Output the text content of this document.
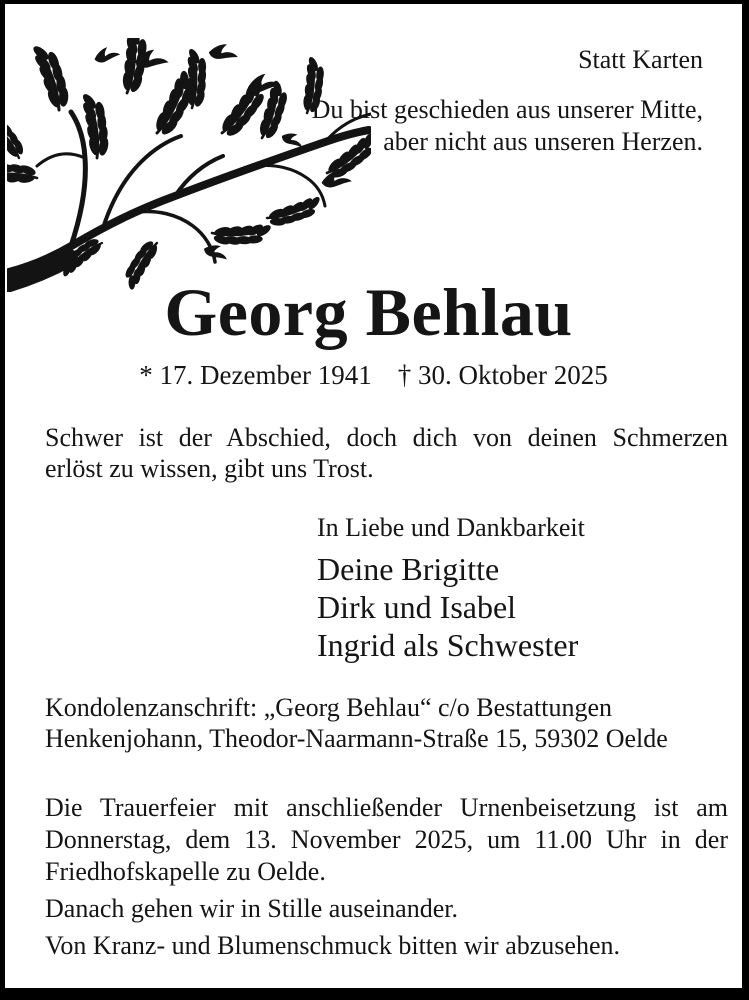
Statt Karten
Du bist geschieden aus unserer Mitte,
aber nicht aus unseren Herzen.
Georg Behlau
* 17. Dezember 1941 † 30. Oktober 2025
Schwer ist der Abschied, doch dich von deinen Schmerzen
erlöst zu wissen, gibt uns Trost.
In Liebe und Dankbarkeit
Deine Brigitte
Dirk und Isabel
Ingrid als Schwester
Kondolenzanschrift: „Georg Behlau“ c/o Bestattungen
Henkenjohann, Theodor-Naarmann-Straße 15, 59302 Oelde
Die Trauerfeier mit anschließender Urnenbeisetzung ist am
Donnerstag, dem 13. November 2025, um 11.00 Uhr in der
Friedhofskapelle zu Oelde.
Danach gehen wir in Stille auseinander.
Von Kranz- und Blumenschmuck bitten wir abzusehen.
